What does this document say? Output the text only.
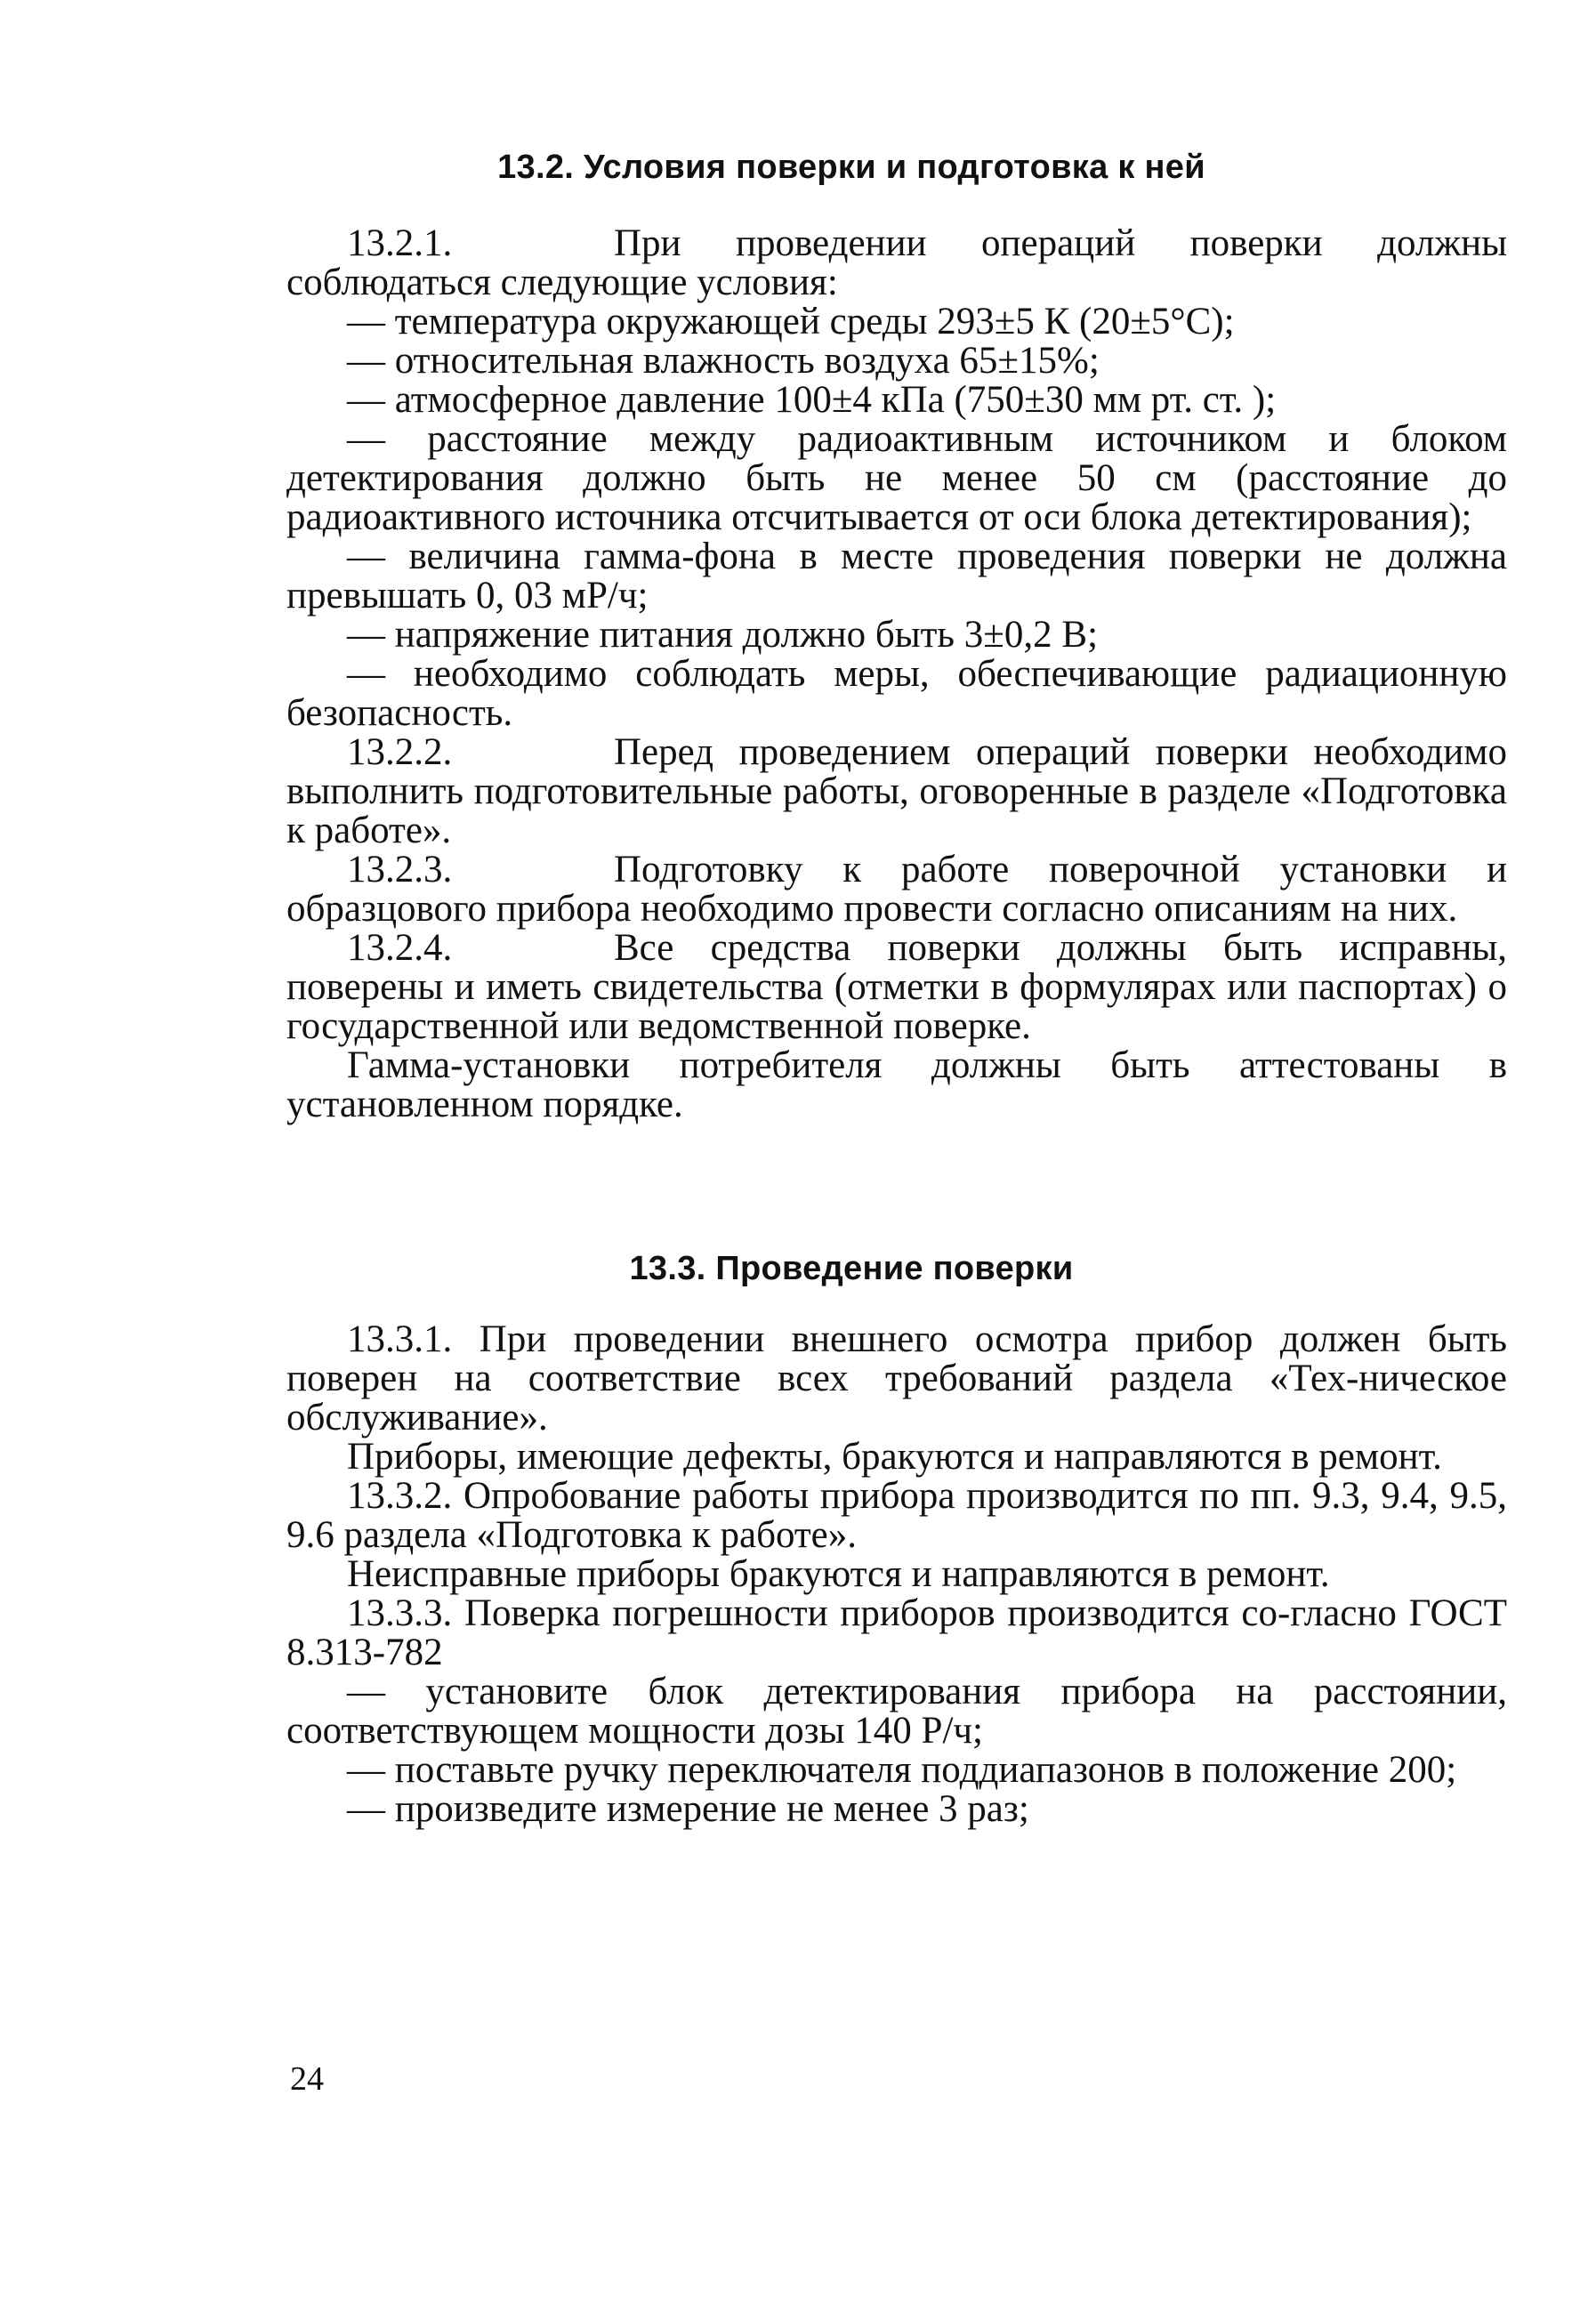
13.2. Условия поверки и подготовка к ней

13.2.1.	При проведении операций поверки должны соблюдаться следующие условия:

— температура окружающей среды 293±5 К (20±5°С);

— относительная влажность воздуха 65±15%;

— атмосферное давление 100±4 кПа (750±30 мм рт. ст. );

— расстояние между радиоактивным источником и блоком детектирования должно быть не менее 50 см (расстояние до радиоактивного источника отсчитывается от оси блока детектирования);

— величина гамма-фона в месте проведения поверки не должна превышать 0, 03 мР/ч;

— напряжение питания должно быть 3±0,2 В;

— необходимо соблюдать меры, обеспечивающие радиационную безопасность.

13.2.2.	Перед проведением операций поверки необходимо выполнить подготовительные работы, оговоренные в разделе «Подготовка к работе».

13.2.3.	Подготовку к работе поверочной установки и образцового прибора необходимо провести согласно описаниям на них.

13.2.4.	Все средства поверки должны быть исправны, поверены и иметь свидетельства (отметки в формулярах или паспортах) о государственной или ведомственной поверке.

Гамма-установки потребителя должны быть аттестованы в установленном порядке.

13.3. Проведение поверки

13.3.1. При проведении внешнего осмотра прибор должен быть поверен на соответствие всех требований раздела «Тех-ническое обслуживание».

Приборы, имеющие дефекты, бракуются и направляются в ремонт.

13.3.2. Опробование работы прибора производится по пп. 9.3, 9.4, 9.5, 9.6 раздела «Подготовка к работе».

Неисправные приборы бракуются и направляются в ремонт.

13.3.3. Поверка погрешности приборов производится со-гласно ГОСТ 8.313-782

— установите блок детектирования прибора на расстоянии, соответствующем мощности дозы 140 Р/ч;

— поставьте ручку переключателя поддиапазонов в положение 200;

— произведите измерение не менее 3 раз;

24
